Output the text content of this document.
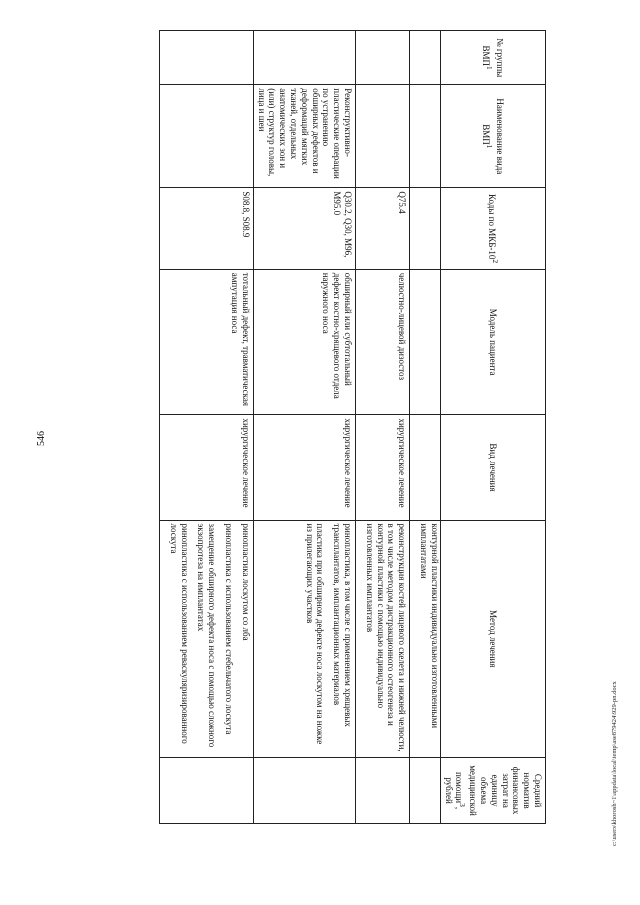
546
c:\users\khorosh~1\appdata\local\temp\ase879424\929-pn.docx
№ группы ВМП$^1$	Наименование вида ВМП$^1$	Коды по МКБ-$10^2$	Модель пациента	Вид лечения	Метод лечения	Средний норматив финансовых затрат на единицу объема медицинской помощи$^3$, рублей

					контурной пластики индивидуально изготовленными имплантатами	

		Q75.4	челюстно-лицевой дизостоз	хирургическое лечение	реконструкция костей лицевого скелета и нижней челюсти, в том числе методом дистракционного остеогенеза и контурной пластики с помощью индивидуально изготовленных имплантатов	

	Реконструктивно-пластические операции по устранению обширных дефектов и деформаций мягких тканей, отдельных анатомических зон и (или) структур головы, лица и шеи	Q30.2, Q30, M96, M95.0	обширный или субтотальный дефект костно-хрящевого отдела наружного носа	хирургическое лечение	ринопластика, в том числе с применением хрящевых трансплантатов, имплантационных материалов
пластика при обширном дефекте носа лоскутом на ножке из прилегающих участков	

		S08.8, S08.9	тотальный дефект, травматическая ампутация носа	хирургическое лечение	ринопластика лоскутом со лба
ринопластика с использованием стебельчатого лоскута
замещение обширного дефекта носа с помощью сложного экзопротеза на имплантатах
ринопластика с использованием реваскуляризированного лоскута	
